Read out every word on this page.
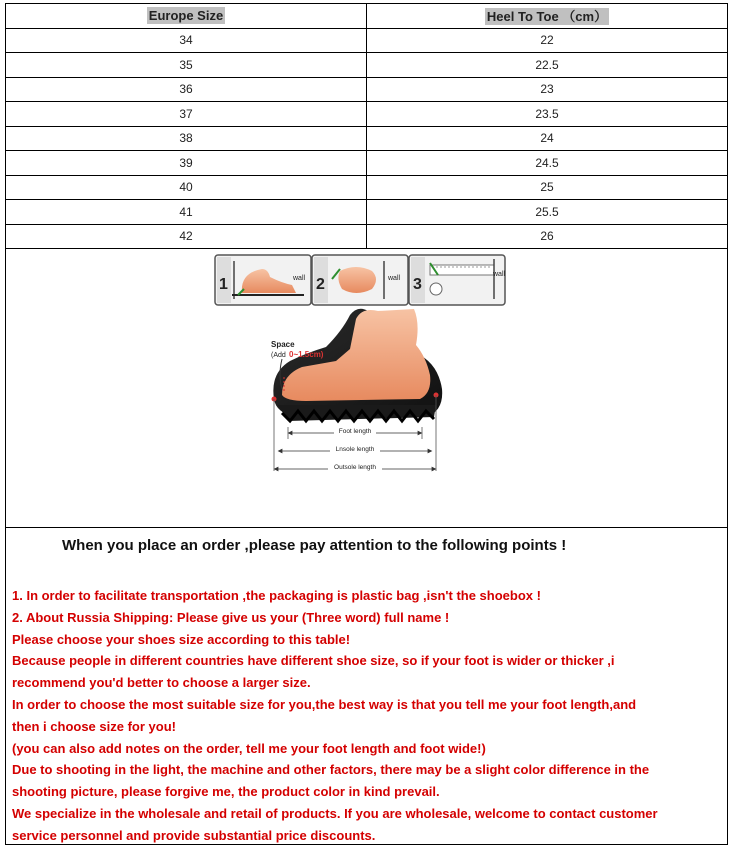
Europe Size	Heel To Toe （cm）
34	22
35	22.5
36	23
37	23.5
38	24
39	24.5
40	25
41	25.5
42	26
1	wall 2	wall 3
wall
Space
(Add 0~1.5cm)
Foot length
Lnsole length
Outsole length
When you place an order ,please pay attention to the following points !
1. In order to facilitate transportation ,the packaging is plastic bag ,isn't the shoebox !
2. About Russia Shipping: Please give us your (Three word) full name !
Please choose your shoes size according to this table!
Because people in different countries have different shoe size, so if your foot is wider or thicker ,i
recommend you'd better to choose a larger size.
In order to choose the most suitable size for you,the best way is that you tell me your foot length,and
then i choose size for you!
(you can also add notes on the order, tell me your foot length and foot wide!)
Due to shooting in the light, the machine and other factors, there may be a slight color difference in the
shooting picture, please forgive me, the product color in kind prevail.
We specialize in the wholesale and retail of products. If you are wholesale, welcome to contact customer
service personnel and provide substantial price discounts.
